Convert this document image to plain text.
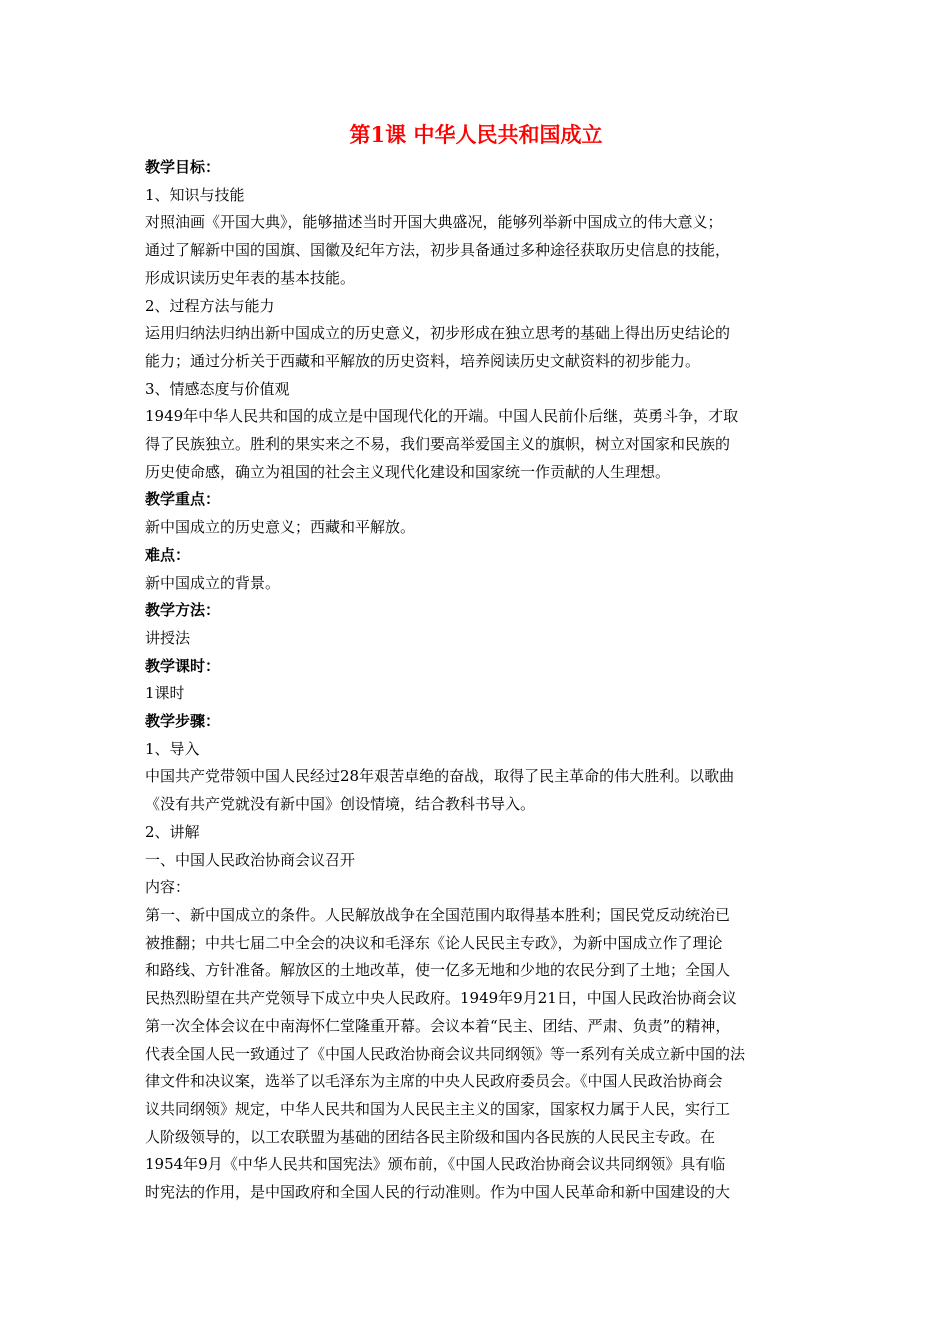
第1课 中华人民共和国成立

教学目标：

1、知识与技能

对照油画《开国大典》，能够描述当时开国大典盛况，能够列举新中国成立的伟大意义；

通过了解新中国的国旗、国徽及纪年方法，初步具备通过多种途径获取历史信息的技能，

形成识读历史年表的基本技能。

2、过程方法与能力

运用归纳法归纳出新中国成立的历史意义，初步形成在独立思考的基础上得出历史结论的

能力；通过分析关于西藏和平解放的历史资料，培养阅读历史文献资料的初步能力。

3、情感态度与价值观

1949年中华人民共和国的成立是中国现代化的开端。中国人民前仆后继，英勇斗争，才取

得了民族独立。胜利的果实来之不易，我们要高举爱国主义的旗帜，树立对国家和民族的

历史使命感，确立为祖国的社会主义现代化建设和国家统一作贡献的人生理想。

教学重点：

新中国成立的历史意义；西藏和平解放。

难点：

新中国成立的背景。

教学方法：

讲授法

教学课时：

1课时

教学步骤：

1、导入

中国共产党带领中国人民经过28年艰苦卓绝的奋战，取得了民主革命的伟大胜利。以歌曲

《没有共产党就没有新中国》创设情境，结合教科书导入。

2、讲解

一、中国人民政治协商会议召开

内容：

第一、新中国成立的条件。人民解放战争在全国范围内取得基本胜利；国民党反动统治已

被推翻；中共七届二中全会的决议和毛泽东《论人民民主专政》，为新中国成立作了理论

和路线、方针准备。解放区的土地改革，使一亿多无地和少地的农民分到了土地；全国人

民热烈盼望在共产党领导下成立中央人民政府。1949年9月21日，中国人民政治协商会议

第一次全体会议在中南海怀仁堂隆重开幕。会议本着“民主、团结、严肃、负责”的精神，

代表全国人民一致通过了《中国人民政治协商会议共同纲领》等一系列有关成立新中国的法

律文件和决议案，选举了以毛泽东为主席的中央人民政府委员会。《中国人民政治协商会

议共同纲领》规定，中华人民共和国为人民民主主义的国家，国家权力属于人民，实行工

人阶级领导的，以工农联盟为基础的团结各民主阶级和国内各民族的人民民主专政。在

1954年9月《中华人民共和国宪法》颁布前，《中国人民政治协商会议共同纲领》具有临

时宪法的作用，是中国政府和全国人民的行动准则。作为中国人民革命和新中国建设的大
